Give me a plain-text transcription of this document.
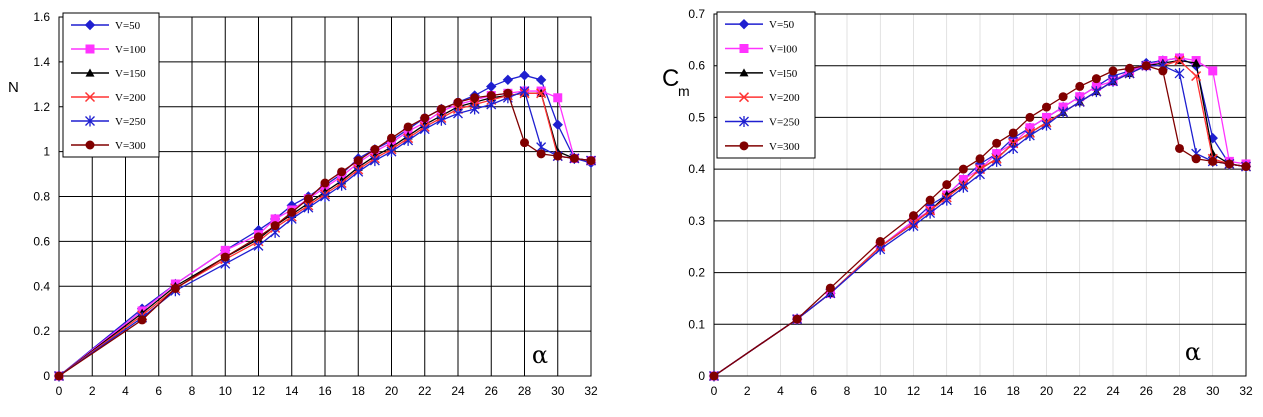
0 2 4 6 8 10 12 14 16 18 20 22 24 26 28 30 32
0
0.2
0.4
0.6
0.8
1
1.2
1.4
1.6
N
α
V=50
V=100
V=150
V=200
V=250
V=300
0 2 4 6 8 10 12 14 16 18 20 22 24 26 28 30 32
0
0.1
0.2
0.3
0.4
0.5
0.6
0.7
C
m
α
V=50
V=l00
V=l50
V=200
V=250
V=300
